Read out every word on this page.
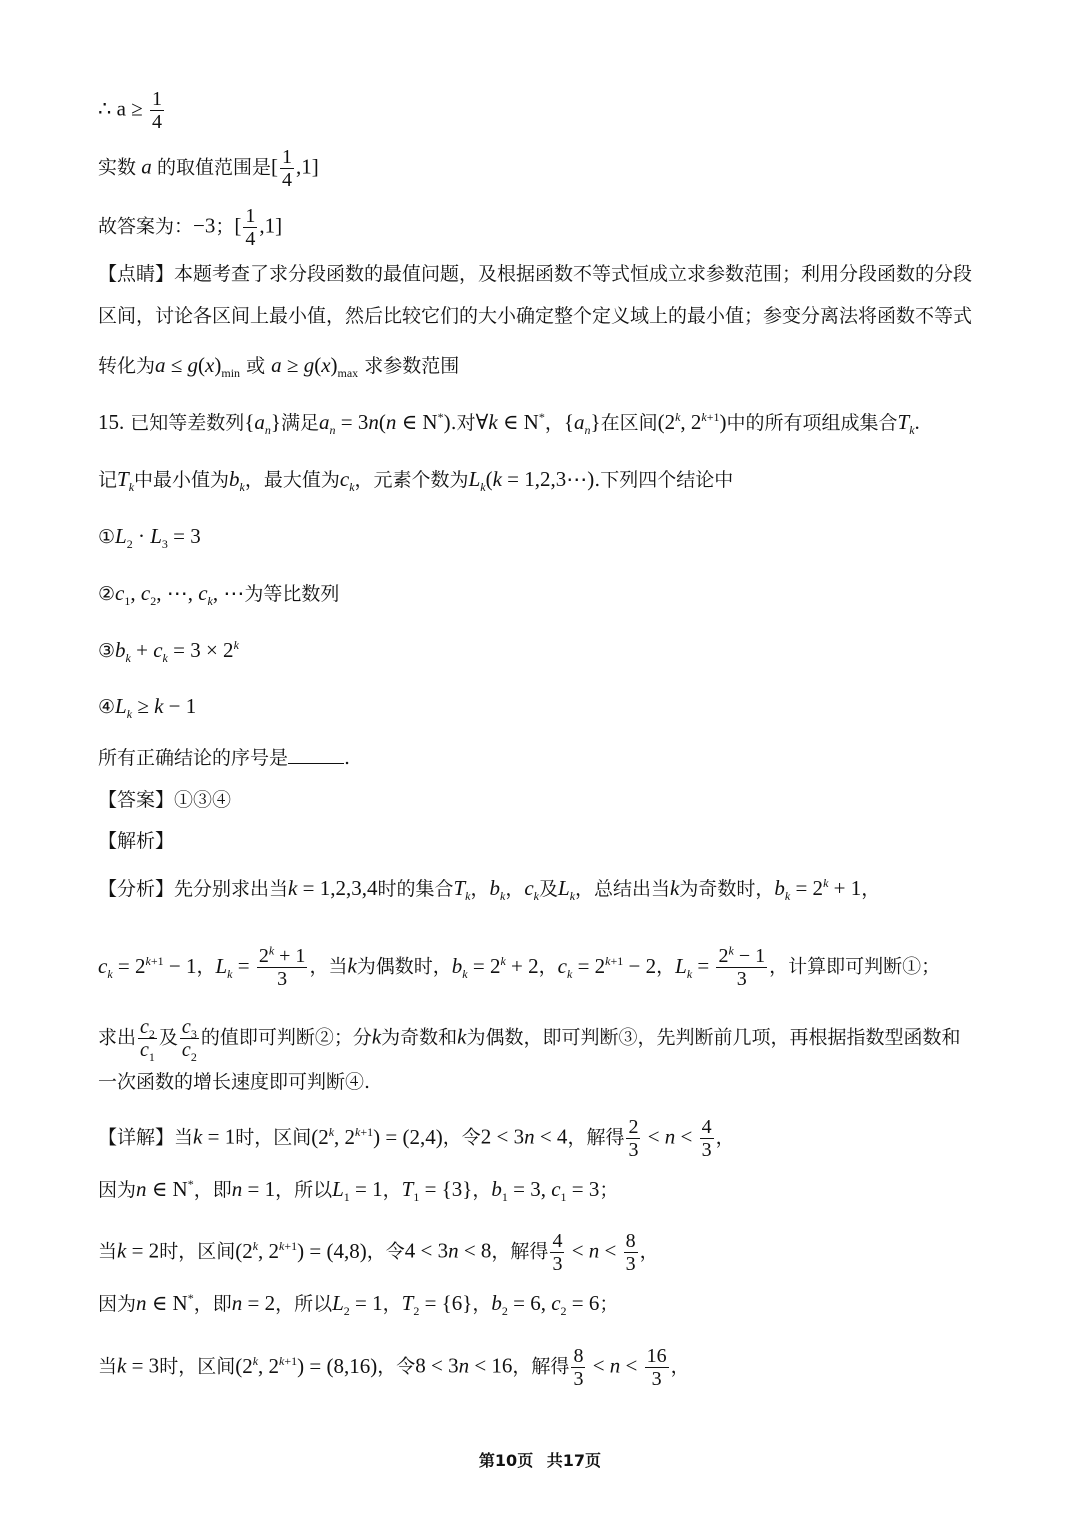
∴ $a \ge \frac{1}{4}$
实数 a 的取值范围是[ $\frac{1}{4} ,1$]
故答案为：−3；[ $\frac{1}{4} ,1$]
【点睛】本题考查了求分段函数的最值问题，及根据函数不等式恒成立求参数范围；利用分段函数的分段
区间，讨论各区间上最小值，然后比较它们的大小确定整个定义域上的最小值；参变分离法将函数不等式
转化为$a \le g(x)_{min}$ 或 $a \ge g(x)_{max}$ 求参数范围
15. 已知等差数列$\{a_n\}$满足$a_n = 3n(n$ ∈ N*).对∀k ∈ N*，$\{a_n\}$在区间(2$^k$, $2^{k+1}$)中的所有项组成集合$T_k$.
记$T_k$中最小值为$b_k$，最大值为$c_k$，元素个数为$L_k(k$ = 1,2,3⋯).下列四个结论中
$①L_2 \cdot L_3 = 3$
$②c_1$, $c_2$, ⋯, $c_k$, ⋯为等比数列
$③b_k + c_k = 3 \times 2^k$
$④L_k \ge k - 1$
所有正确结论的序号是	.
【答案】①③④
【解析】
【分析】先分别求出当k = 1,2,3,4时的集合$T_k$，$b_k$，$c_k$及$L_k$，总结出当k为奇数时，$b_k = 2^k + 1$，
$c_k = 2^{k+1} - 1$，$L_k = \frac{2^k + 1}{3}$ ，当k为偶数时，$b_k = 2^k + 2$，$c_k = 2^{k+1} - 2$，$L_k = \frac{2^k - 1}{3}$ ，计算即可判断①；
求出 $\frac{c_2}{c_1}$ 及 $\frac{c_3}{c_2}$ 的值即可判断②；分k为奇数和k为偶数，即可判断③，先判断前几项，再根据指数型函数和
一次函数的增长速度即可判断④.
【详解】当k = 1时，区间(2$^k$, $2^{k+1}) = (2,4)$，令2 < 3n < 4，解得 $\frac{2}{3} < n < \frac{4}{3}$ ，
因为n ∈ N*，即n = 1，所以$L_1 = 1$，$T_1 = \{3\}$，$b_1 = 3$, $c_1 = 3$；
当k = 2时，区间(2$^k$, $2^{k+1}) = (4,8)$，令4 < 3n < 8，解得 $\frac{4}{3} < n < \frac{8}{3}$ ，
因为n ∈ N*，即n = 2，所以$L_2 = 1$，$T_2 = \{6\}$，$b_2 = 6$, $c_2 = 6$；
当k = 3时，区间(2$^k$, $2^{k+1}) = (8,16)$，令8 < 3n < 16，解得 $\frac{8}{3} < n < \frac{16}{3}$ ，
第10页 共17页
